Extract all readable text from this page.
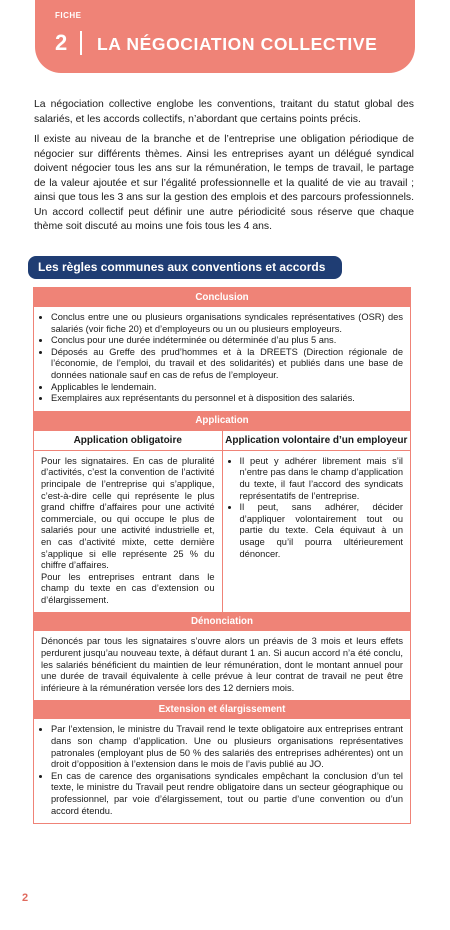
FICHE
2 LA NÉGOCIATION COLLECTIVE

La négociation collective englobe les conventions, traitant du statut global des salariés, et les accords collectifs, n’abordant que certains points précis.

Il existe au niveau de la branche et de l’entreprise une obligation périodique de négocier sur différents thèmes. Ainsi les entreprises ayant un délégué syndical doivent négocier tous les ans sur la rémunération, le temps de travail, le partage de la valeur ajoutée et sur l’égalité professionnelle et la qualité de vie au travail ; ainsi que tous les 3 ans sur la gestion des emplois et des parcours professionnels. Un accord collectif peut définir une autre périodicité sous réserve que chaque thème soit discuté au moins une fois tous les 4 ans.

Les règles communes aux conventions et accords
Conclusion
• Conclus entre une ou plusieurs organisations syndicales représentatives (OSR) des salariés (voir fiche 20) et d’employeurs ou un ou plusieurs employeurs.
• Conclus pour une durée indéterminée ou déterminée d’au plus 5 ans.
• Déposés au Greffe des prud’hommes et à la DREETS (Direction régionale de l’économie, de l’emploi, du travail et des solidarités) et publiés dans une base de données nationale sauf en cas de refus de l’employeur.
• Applicables le lendemain.
• Exemplaires aux représentants du personnel et à disposition des salariés.
Application
Application obligatoire
Pour les signataires. En cas de pluralité d’activités, c’est la convention de l’activité principale de l’entreprise qui s’applique, c’est-à-dire celle qui représente le plus grand chiffre d’affaires pour une activité commerciale, ou qui occupe le plus de salariés pour une activité industrielle et, en cas d’activité mixte, cette dernière s’applique si elle représente 25 % du chiffre d’affaires.
Pour les entreprises entrant dans le champ du texte en cas d’extension ou d’élargissement.
Application volontaire d’un employeur
• Il peut y adhérer librement mais s’il n’entre pas dans le champ d’application du texte, il faut l’accord des syndicats représentatifs de l’entreprise.
• Il peut, sans adhérer, décider d’appliquer volontairement tout ou partie du texte. Cela équivaut à un usage qu’il pourra ultérieurement dénoncer.
Dénonciation
Dénoncés par tous les signataires s’ouvre alors un préavis de 3 mois et leurs effets perdurent jusqu’au nouveau texte, à défaut durant 1 an. Si aucun accord n’a été conclu, les salariés bénéficient du maintien de leur rémunération, dont le montant annuel pour une durée de travail équivalente à celle prévue à leur contrat de travail ne peut être inférieure à la rémunération versée lors des 12 derniers mois.
Extension et élargissement
• Par l’extension, le ministre du Travail rend le texte obligatoire aux entreprises entrant dans son champ d’application. Une ou plusieurs organisations représentatives patronales (employant plus de 50 % des salariés des entreprises adhérentes) ont un droit d’opposition à l’extension dans le mois de l’avis publié au JO.
• En cas de carence des organisations syndicales empêchant la conclusion d’un tel texte, le ministre du Travail peut rendre obligatoire dans un secteur géographique ou professionnel, par voie d’élargissement, tout ou partie d’une convention ou d’un accord étendu.
2
